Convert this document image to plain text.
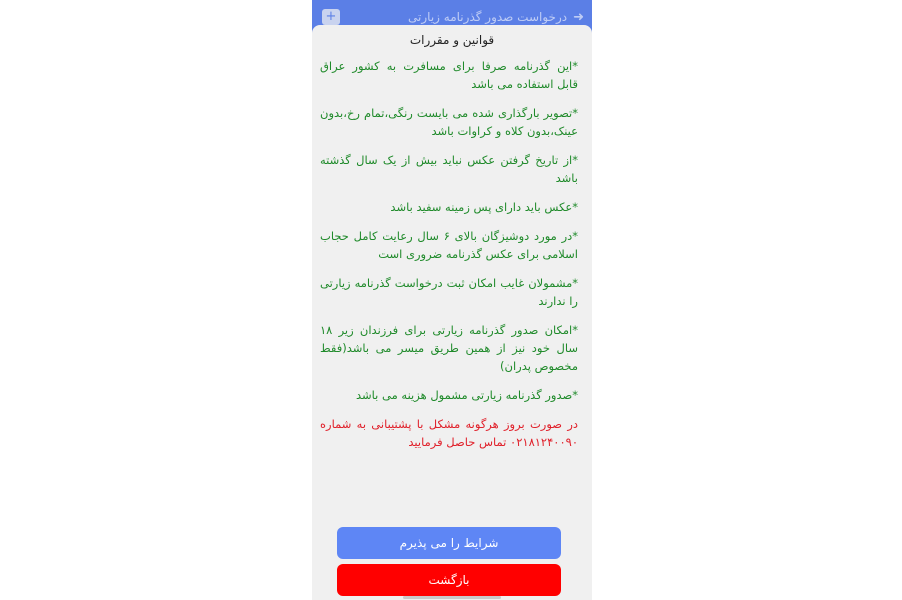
➜
درخواست صدور گذرنامه زیارتی
+
قوانین و مقررات

*این گذرنامه صرفا برای مسافرت به کشور عراق قابل استفاده می باشد

*تصویر بارگذاری شده می بایست رنگی،تمام رخ،بدون عینک،بدون کلاه و کراوات باشد

*از تاریخ گرفتن عکس نباید بیش از یک سال گذشته باشد

*عکس باید دارای پس زمینه سفید باشد

*در مورد دوشیزگان بالای ۶ سال رعایت کامل حجاب اسلامی برای عکس گذرنامه ضروری است

*مشمولان غایب امکان ثبت درخواست گذرنامه زیارتی را ندارند

*امکان صدور گذرنامه زیارتی برای فرزندان زیر ۱۸ سال خود نیز از همین طریق میسر می باشد(فقط مخصوص پدران)

*صدور گذرنامه زیارتی مشمول هزینه می باشد

در صورت بروز هرگونه مشکل با پشتیبانی به شماره ۰۲۱۸۱۲۴۰۰۹۰ تماس حاصل فرمایید

شرایط را می پذیرم
بازگشت
